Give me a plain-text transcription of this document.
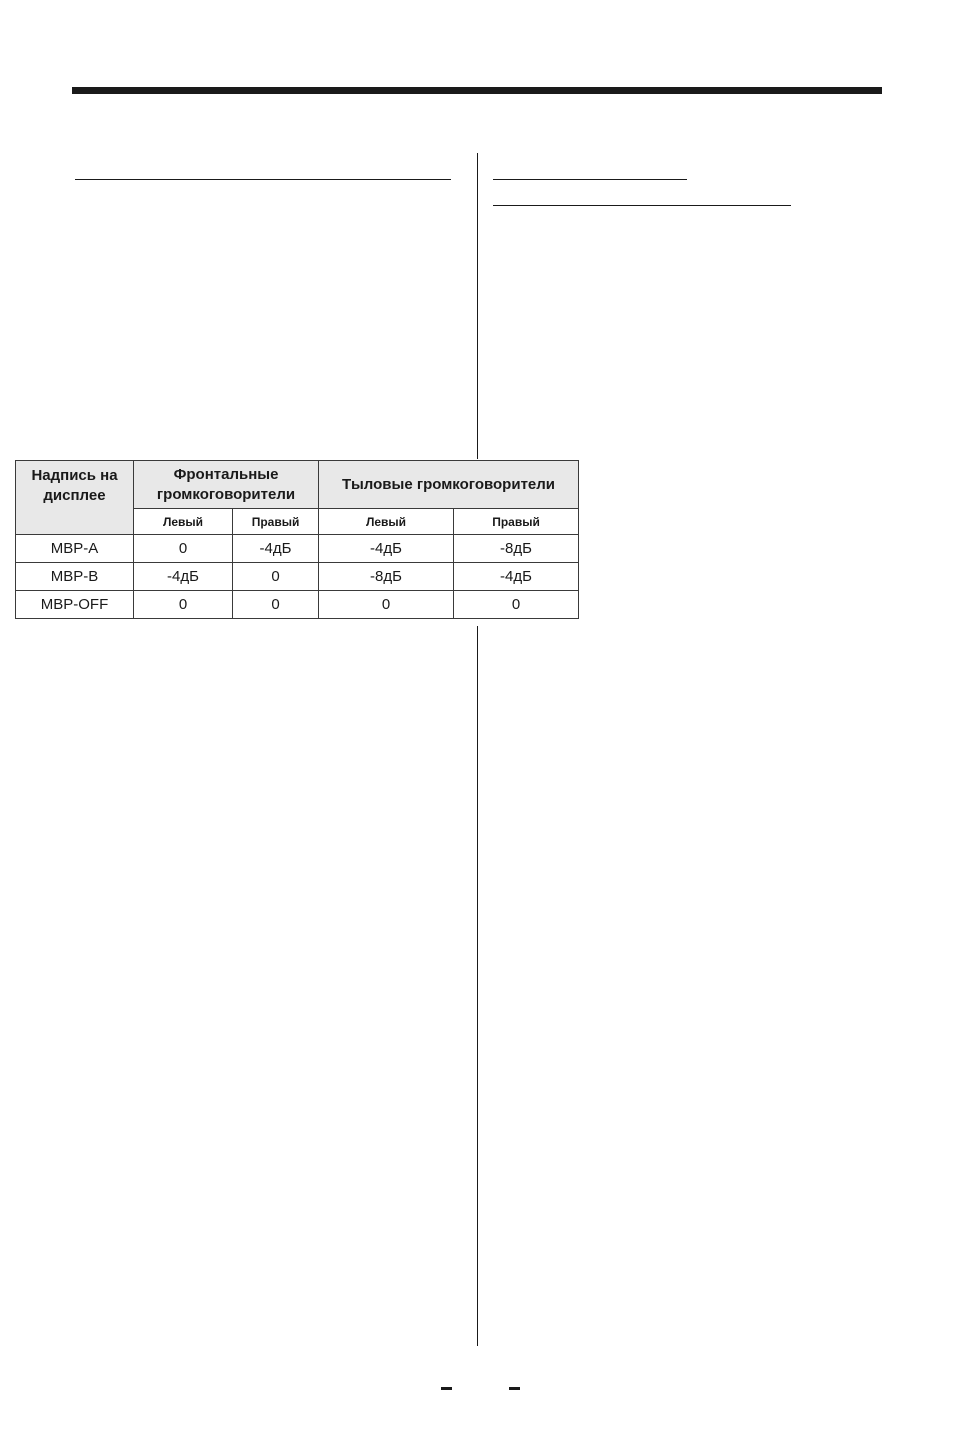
Надпись на дисплее	Фронтальные громкоговорители		Тыловые громкоговорители	
	Левый	Правый	Левый	Правый
MBP-A	0	-4дБ	-4дБ	-8дБ
MBP-B	-4дБ	0	-8дБ	-4дБ
MBP-OFF	0	0	0	0
